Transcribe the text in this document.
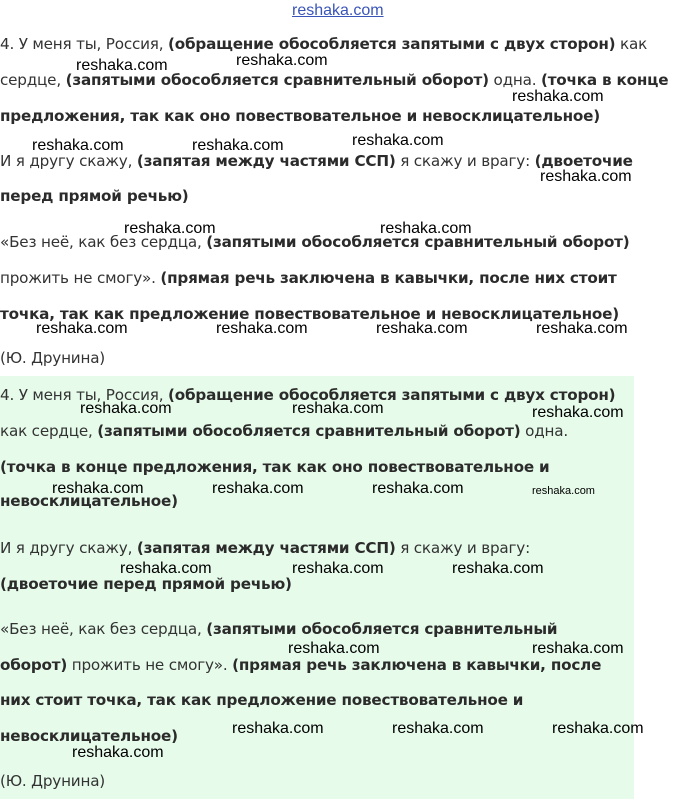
reshaka.com
4. У меня ты, Россия, (обращение обособляется запятыми с двух сторон) как
сердце, (запятыми обособляется сравнительный оборот) одна. (точка в конце
предложения, так как оно повествовательное и невосклицательное)
И я другу скажу, (запятая между частями ССП) я скажу и врагу: (двоеточие
перед прямой речью)
«Без неё, как без сердца, (запятыми обособляется сравнительный оборот)
прожить не смогу». (прямая речь заключена в кавычки, после них стоит
точка, так как предложение повествовательное и невосклицательное)
(Ю. Друнина)
4. У меня ты, Россия, (обращение обособляется запятыми с двух сторон)
как сердце, (запятыми обособляется сравнительный оборот) одна.
(точка в конце предложения, так как оно повествовательное и
невосклицательное)
И я другу скажу, (запятая между частями ССП) я скажу и врагу:
(двоеточие перед прямой речью)
«Без неё, как без сердца, (запятыми обособляется сравнительный
оборот) прожить не смогу». (прямая речь заключена в кавычки, после
них стоит точка, так как предложение повествовательное и
невосклицательное)
(Ю. Друнина)
reshaka.com
reshaka.com
reshaka.com
reshaka.com
reshaka.com	reshaka.com
reshaka.com
reshaka.com	reshaka.com
reshaka.com	reshaka.com	reshaka.com	reshaka.com
reshaka.com	reshaka.com	reshaka.com
reshaka.com	reshaka.com	reshaka.com	reshaka.com
reshaka.com	reshaka.com	reshaka.com
reshaka.com	reshaka.com
reshaka.com	reshaka.com	reshaka.com
reshaka.com
